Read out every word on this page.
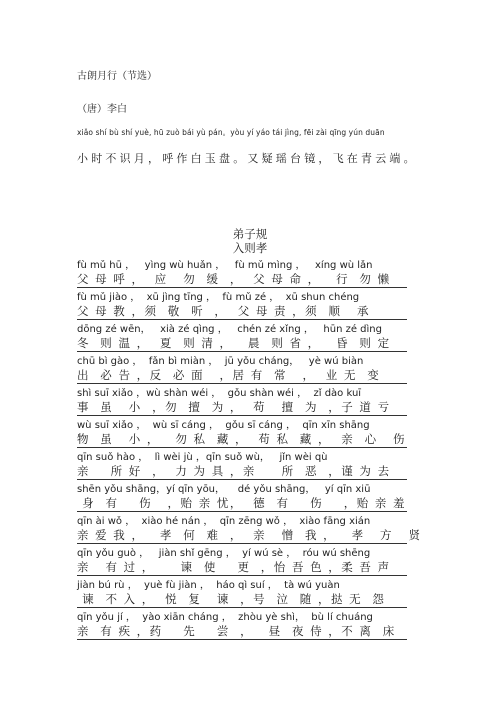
古朗月行（节选）
（唐）李白
xiǎo shí bù shí yuè, hū zuò bái yù pán。yòu yí yáo tái jìng, fēi zài qīng yún duān
小时不识月，呼作白玉盘。又疑瑶台镜，飞在青云端。
弟子规
入则孝
fù mǔ hū ，   yìng wù huǎn ，   fù mǔ mìng ，   xíng wù lǎn
父 母 呼 ，  应   勿  缓  ，  父 母 命 ，   行  勿 懒
fù mǔ jiào ，  xū jìng tīng ，  fù mǔ zé ，  xū shun chéng
父 母 教 ，须  敬  听  ，  父 母 责 ，须  顺   承
dōng zé wēn，   xià zé qìng ，   chén zé xǐng ，   hūn zé dìng
冬  则 温 ，  夏  则 清 ，   晨  则 省 ，   昏  则 定
chū bì gào ，  fǎn bì miàn ，  jū yǒu cháng，   yè wú biàn
出  必 告 ，反  必 面   ，居 有  常   ，  业 无  变
shì suī xiǎo ，wù shàn wéi ，  gǒu shàn wéi ，  zǐ dào kuī
事  虽   小  ，勿  擅  为 ，  苟   擅  为  ，子 道 亏
wù suī xiǎo ，  wù sī cáng ，  gǒu sī cáng ，  qīn xīn shāng
物  虽   小 ，   勿 私  藏 ，  苟 私  藏 ，  亲  心   伤
qīn suǒ hào ，  lì wèi jù ，qīn suǒ wù，   jǐn wèi qù
亲    所 好  ，  力 为 具 ，亲     所  恶  ，谨 为 去
shēn yǒu shāng，yí qīn yōu，    dé yǒu shāng，   yí qīn xiū
身  有    伤   ，贻 亲 忧，  德  有    伤    ，贻 亲 羞
qīn ài wǒ ，  xiào hé nán ，  qīn zēng wǒ ，  xiào fāng xián
亲 爱 我 ，   孝  何  难  ，  亲   憎  我 ，   孝   方   贤
qīn yǒu guò ，   jiàn shǐ gēng ，  yí wú sè ，  róu wú shēng
亲   有 过 ，     谏  使    更  ，怡 吾 色 ，柔 吾 声
jiàn bú rù ，  yuè fù jiàn ，  háo qì suí ，  tà wú yuàn
谏  不 入 ，  悦  复   谏  ，号  泣  随 ，挞 无  怨
qīn yǒu jí ，  yào xiān cháng ，  zhòu yè shì，  bù lí chuáng
亲  有 疾 ，药    先    尝  ，   昼  夜 侍 ，不 离  床
